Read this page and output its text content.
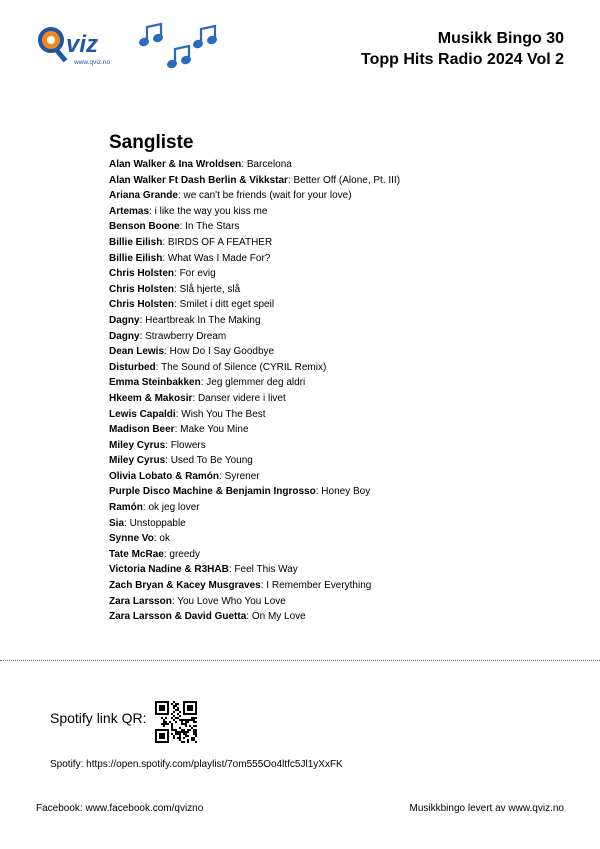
viz
www.qviz.no
Musikk Bingo 30
Topp Hits Radio 2024 Vol 2
Sangliste
Alan Walker & Ina Wroldsen: Barcelona
Alan Walker Ft Dash Berlin & Vikkstar: Better Off (Alone, Pt. III)
Ariana Grande: we can't be friends (wait for your love)
Artemas: i like the way you kiss me
Benson Boone: In The Stars
Billie Eilish: BIRDS OF A FEATHER
Billie Eilish: What Was I Made For?
Chris Holsten: For evig
Chris Holsten: Slå hjerte, slå
Chris Holsten: Smilet i ditt eget speil
Dagny: Heartbreak In The Making
Dagny: Strawberry Dream
Dean Lewis: How Do I Say Goodbye
Disturbed: The Sound of Silence (CYRIL Remix)
Emma Steinbakken: Jeg glemmer deg aldri
Hkeem & Makosir: Danser videre i livet
Lewis Capaldi: Wish You The Best
Madison Beer: Make You Mine
Miley Cyrus: Flowers
Miley Cyrus: Used To Be Young
Olivia Lobato & Ramón: Syrener
Purple Disco Machine & Benjamin Ingrosso: Honey Boy
Ramón: ok jeg lover
Sia: Unstoppable
Synne Vo: ok
Tate McRae: greedy
Victoria Nadine & R3HAB: Feel This Way
Zach Bryan & Kacey Musgraves: I Remember Everything
Zara Larsson: You Love Who You Love
Zara Larsson & David Guetta: On My Love
Spotify link QR:
Spotify: https://open.spotify.com/playlist/7om555Oo4ltfc5Jl1yXxFK
Facebook: www.facebook.com/qvizno	Musikkbingo levert av www.qviz.no
